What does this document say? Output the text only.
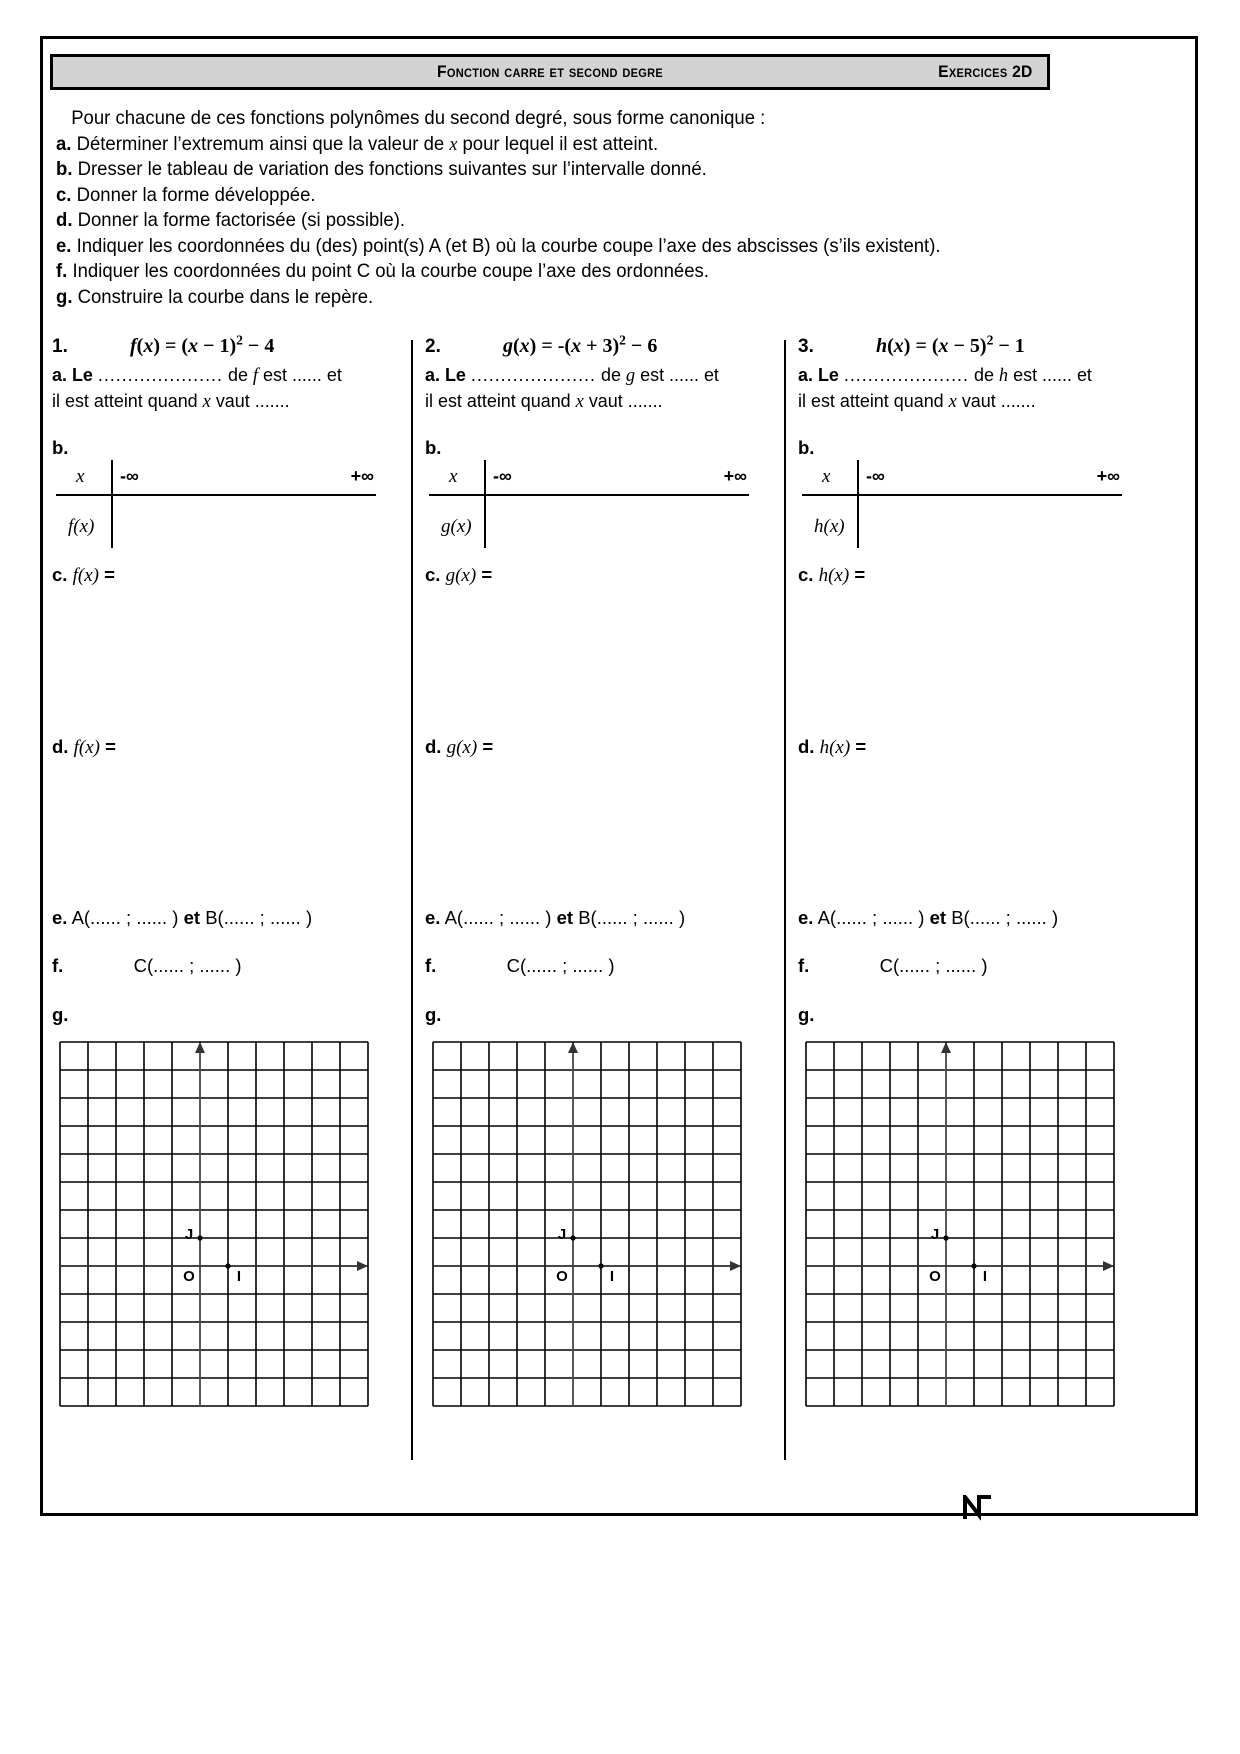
Fonction carre et second degre	Exercices 2D
Pour chacune de ces fonctions polynômes du second degré, sous forme canonique :
a. Déterminer l’extremum ainsi que la valeur de x pour lequel il est atteint.
b. Dresser le tableau de variation des fonctions suivantes sur l’intervalle donné.
c. Donner la forme développée.
d. Donner la forme factorisée (si possible).
e. Indiquer les coordonnées du (des) point(s) A (et B) où la courbe coupe l’axe des abscisses (s’ils existent).
f. Indiquer les coordonnées du point C où la courbe coupe l’axe des ordonnées.
g. Construire la courbe dans le repère.
1.	$f(x) = (x - 1)^2 - 4$
a. Le ..................... de f est ...... et
il est atteint quand x vaut .......
b.
x -∞	+∞
f(x)
c. f(x) =
d. f(x) =
e. A(...... ; ...... ) et B(...... ; ...... )
f.	C(...... ; ...... )
g.
O	I
J
2.	$g(x) = -(x + 3)^2 - 6$
a. Le ..................... de g est ...... et
il est atteint quand x vaut .......
b.
x -∞	+∞
g(x)
c. g(x) =
d. g(x) =
e. A(...... ; ...... ) et B(...... ; ...... )
f.	C(...... ; ...... )
g.
O	I
J
3.	$h(x) = (x - 5)^2 - 1$
a. Le ..................... de h est ...... et
il est atteint quand x vaut .......
b.
x -∞	+∞
h(x)
c. h(x) =
d. h(x) =
e. A(...... ; ...... ) et B(...... ; ...... )
f.	C(...... ; ...... )
g.
O	I
J
